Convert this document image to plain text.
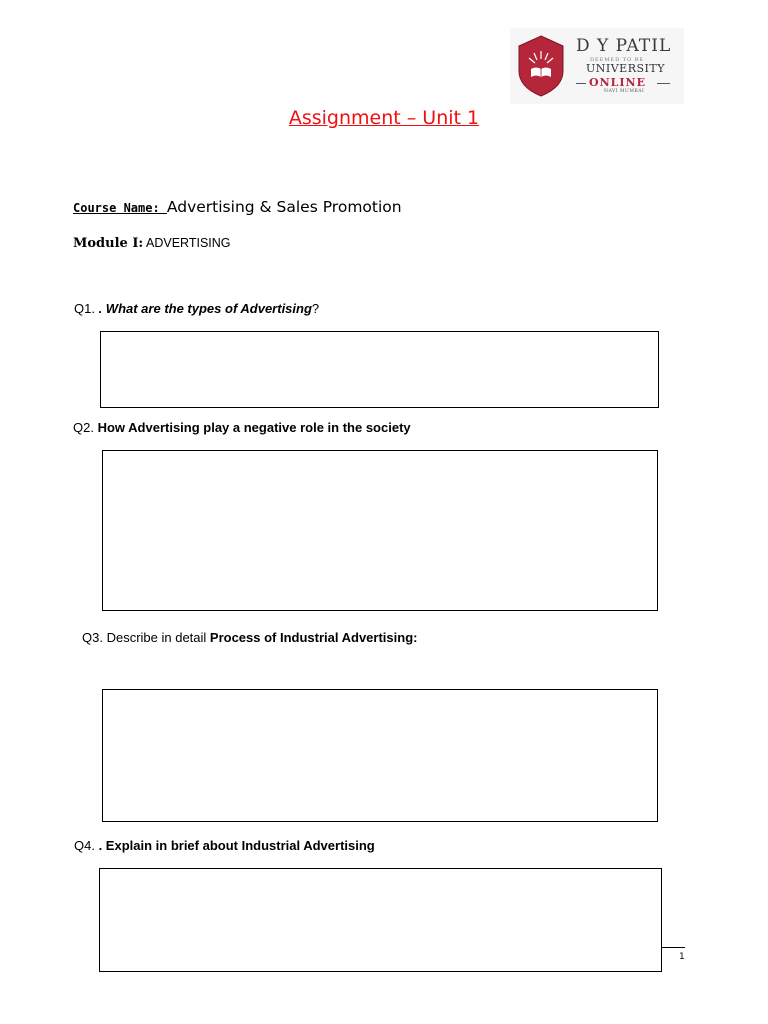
D Y PATIL
DEEMED TO BE
UNIVERSITY
ONLINE
NAVI MUMBAI
Assignment – Unit 1
Course Name: Advertising & Sales Promotion
Module I: ADVERTISING
Q1. . What are the types of Advertising?
Q2. How Advertising play a negative role in the society
Q3. Describe in detail Process of Industrial Advertising:
Q4. . Explain in brief about Industrial Advertising
1
